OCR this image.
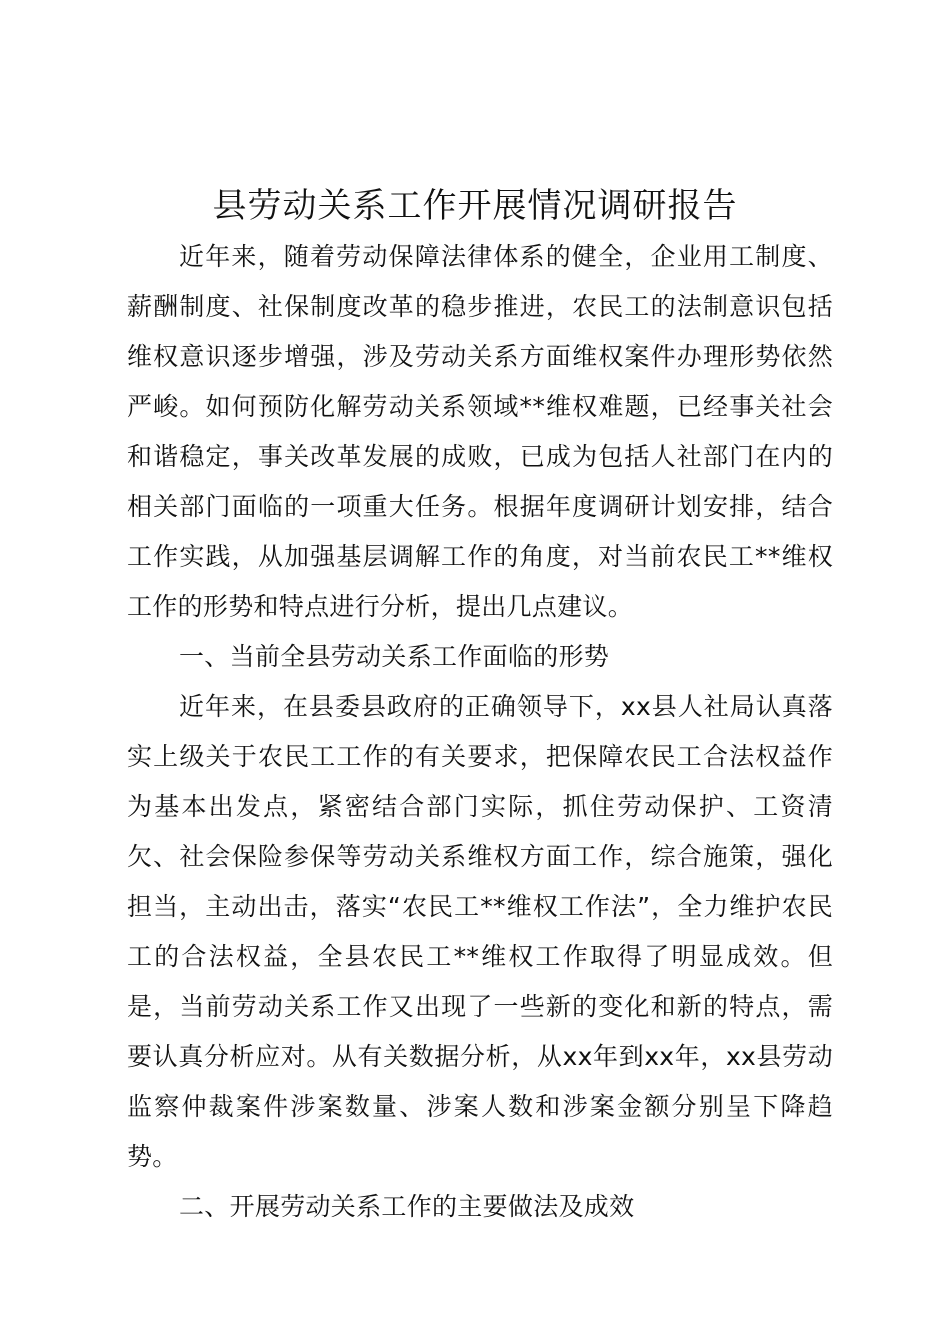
县劳动关系工作开展情况调研报告

近年来，随着劳动保障法律体系的健全，企业用工制度、薪酬制度、社保制度改革的稳步推进，农民工的法制意识包括维权意识逐步增强，涉及劳动关系方面维权案件办理形势依然严峻。如何预防化解劳动关系领域**维权难题，已经事关社会和谐稳定，事关改革发展的成败，已成为包括人社部门在内的相关部门面临的一项重大任务。根据年度调研计划安排，结合工作实践，从加强基层调解工作的角度，对当前农民工**维权工作的形势和特点进行分析，提出几点建议。

一、当前全县劳动关系工作面临的形势

近年来，在县委县政府的正确领导下，xx县人社局认真落实上级关于农民工工作的有关要求，把保障农民工合法权益作为基本出发点，紧密结合部门实际，抓住劳动保护、工资清欠、社会保险参保等劳动关系维权方面工作，综合施策，强化担当，主动出击，落实“农民工**维权工作法”，全力维护农民工的合法权益，全县农民工**维权工作取得了明显成效。但是，当前劳动关系工作又出现了一些新的变化和新的特点，需要认真分析应对。从有关数据分析，从xx年到xx年，xx县劳动监察仲裁案件涉案数量、涉案人数和涉案金额分别呈下降趋势。

二、开展劳动关系工作的主要做法及成效
